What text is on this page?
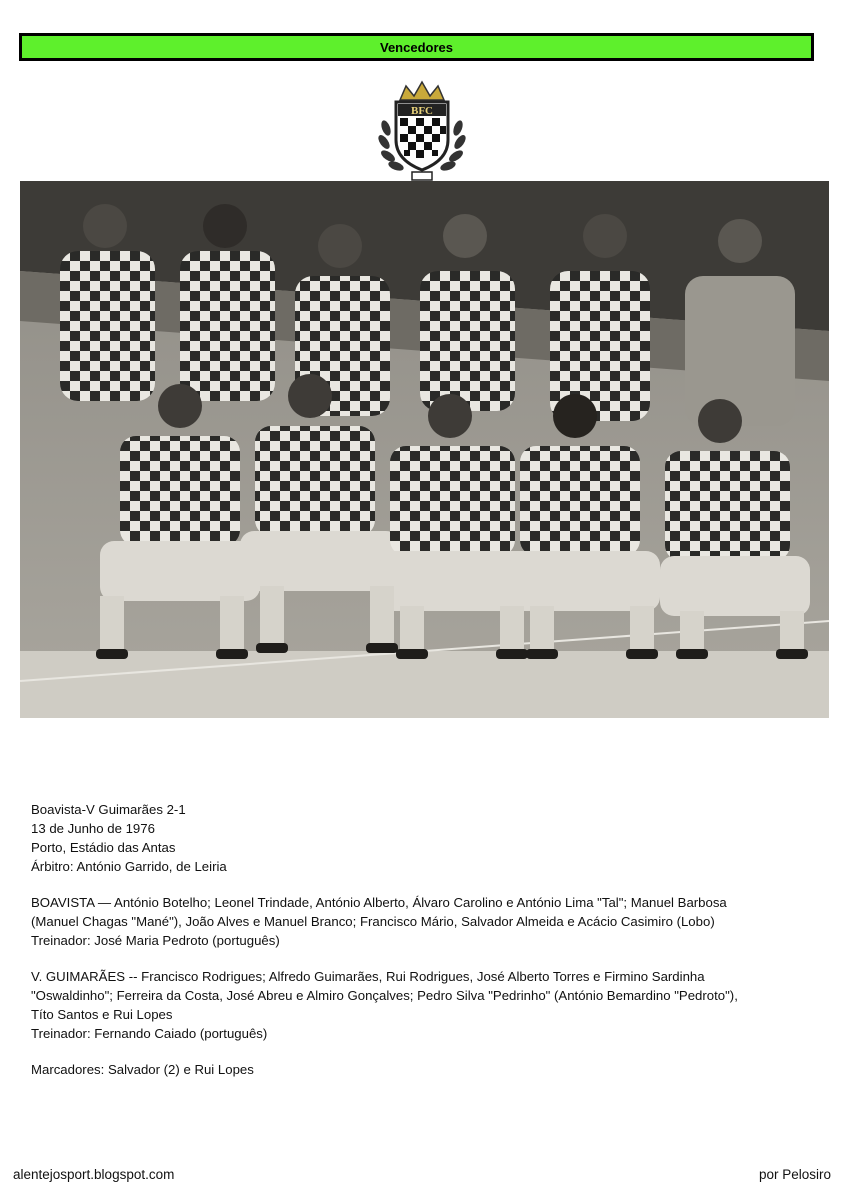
Vencedores
BFC

Boavista-V Guimarães 2-1

13 de Junho de 1976

Porto, Estádio das Antas

Árbitro: António Garrido, de Leiria

BOAVISTA — António Botelho; Leonel Trindade, António Alberto, Álvaro Carolino e António Lima "Tal"; Manuel Barbosa

(Manuel Chagas "Mané"), João Alves e Manuel Branco; Francisco Mário, Salvador Almeida e Acácio Casimiro (Lobo)

Treinador: José Maria Pedroto (português)

V. GUIMARÃES -- Francisco Rodrigues; Alfredo Guimarães, Rui Rodrigues, José Alberto Torres e Firmino Sardinha

"Oswaldinho"; Ferreira da Costa, José Abreu e Almiro Gonçalves; Pedro Silva "Pedrinho" (António Bemardino "Pedroto"),

Títo Santos e Rui Lopes

Treinador: Fernando Caiado (português)

Marcadores: Salvador (2) e Rui Lopes

alentejosport.blogspot.com	por Pelosiro
